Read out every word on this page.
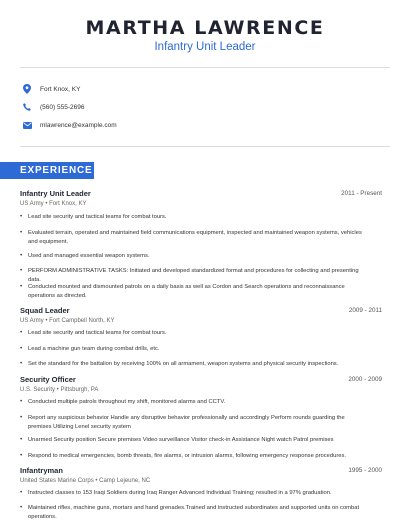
MARTHA LAWRENCE
Infantry Unit Leader
Fort Knox, KY
(560) 555-2696
mlawrence@example.com
EXPERIENCE
Infantry Unit Leader	2011 - Present
US Army • Fort Knox, KY
• Lead site security and tactical teams for combat tours.
• Evaluated terrain, operated and maintained field communications equipment, inspected and maintained weapon systems, vehicles and equipment.
• Used and managed essential weapon systems.
• PERFORM ADMINISTRATIVE TASKS: Initiated and developed standardized format and procedures for collecting and presenting data.
• Conducted mounted and dismounted patrols on a daily basis as well as Cordon and Search operations and reconnaissance operations as directed.
Squad Leader	2009 - 2011
US Army • Fort Campbell North, KY
• Lead site security and tactical teams for combat tours.
• Lead a machine gun team during combat drills, etc.
• Set the standard for the battalion by receiving 100% on all armament, weapon systems and physical security inspections.
Security Officer	2000 - 2009
U.S. Security • Pittsburgh, PA
• Conducted multiple patrols throughout my shift, monitored alarms and CCTV.
• Report any suspicious behavior Handle any disruptive behavior professionally and accordingly Perform rounds guarding the premises Utilizing Lenel security system
• Unarmed Security position Secure premises Video surveillance Visitor check-in Assistance Night watch Patrol premises
• Respond to medical emergencies, bomb threats, fire alarms, or intrusion alarms, following emergency response procedures.
Infantryman	1995 - 2000
United States Marine Corps • Camp Lejeune, NC
• Instructed classes to 153 Iraqi Soldiers during Iraq Ranger Advanced Individual Training; resulted in a 97% graduation.
• Maintained rifles, machine guns, mortars and hand grenades.Trained and instructed subordinates and supported units on combat operations.
